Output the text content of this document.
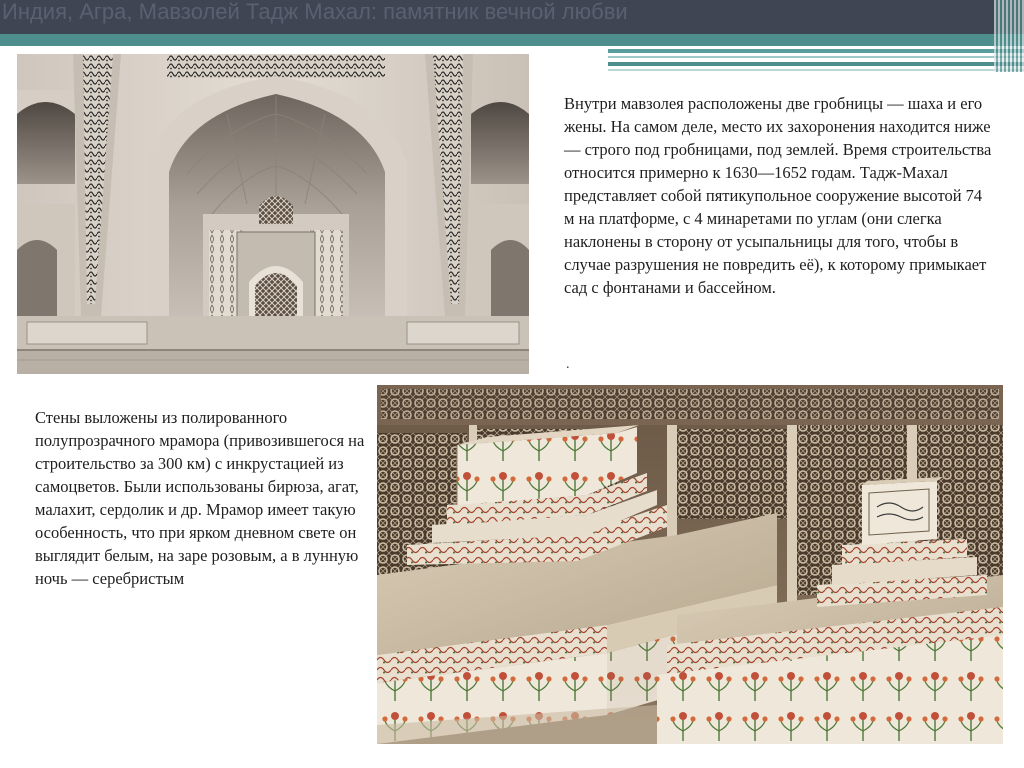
Индия, Агра, Мавзолей Тадж Махал: памятник вечной любви

Внутри мавзолея расположены две гробницы — шаха и его жены. На самом деле, место их захоронения находится ниже — строго под гробницами, под землей. Время строительства относится примерно к 1630—1652 годам. Тадж-Махал представляет собой пятикупольное сооружение высотой 74 м на платформе, с 4 минаретами по углам (они слегка наклонены в сторону от усыпальницы для того, чтобы в случае разрушения не повредить её), к которому примыкает сад с фонтанами и бассейном.

.

Стены выложены из полированного полупрозрачного мрамора (привозившегося на строительство за 300 км) с инкрустацией из самоцветов. Были использованы бирюза, агат, малахит, сердолик и др. Мрамор имеет такую особенность, что при ярком дневном свете он выглядит белым, на заре розовым, а в лунную ночь — серебристым
